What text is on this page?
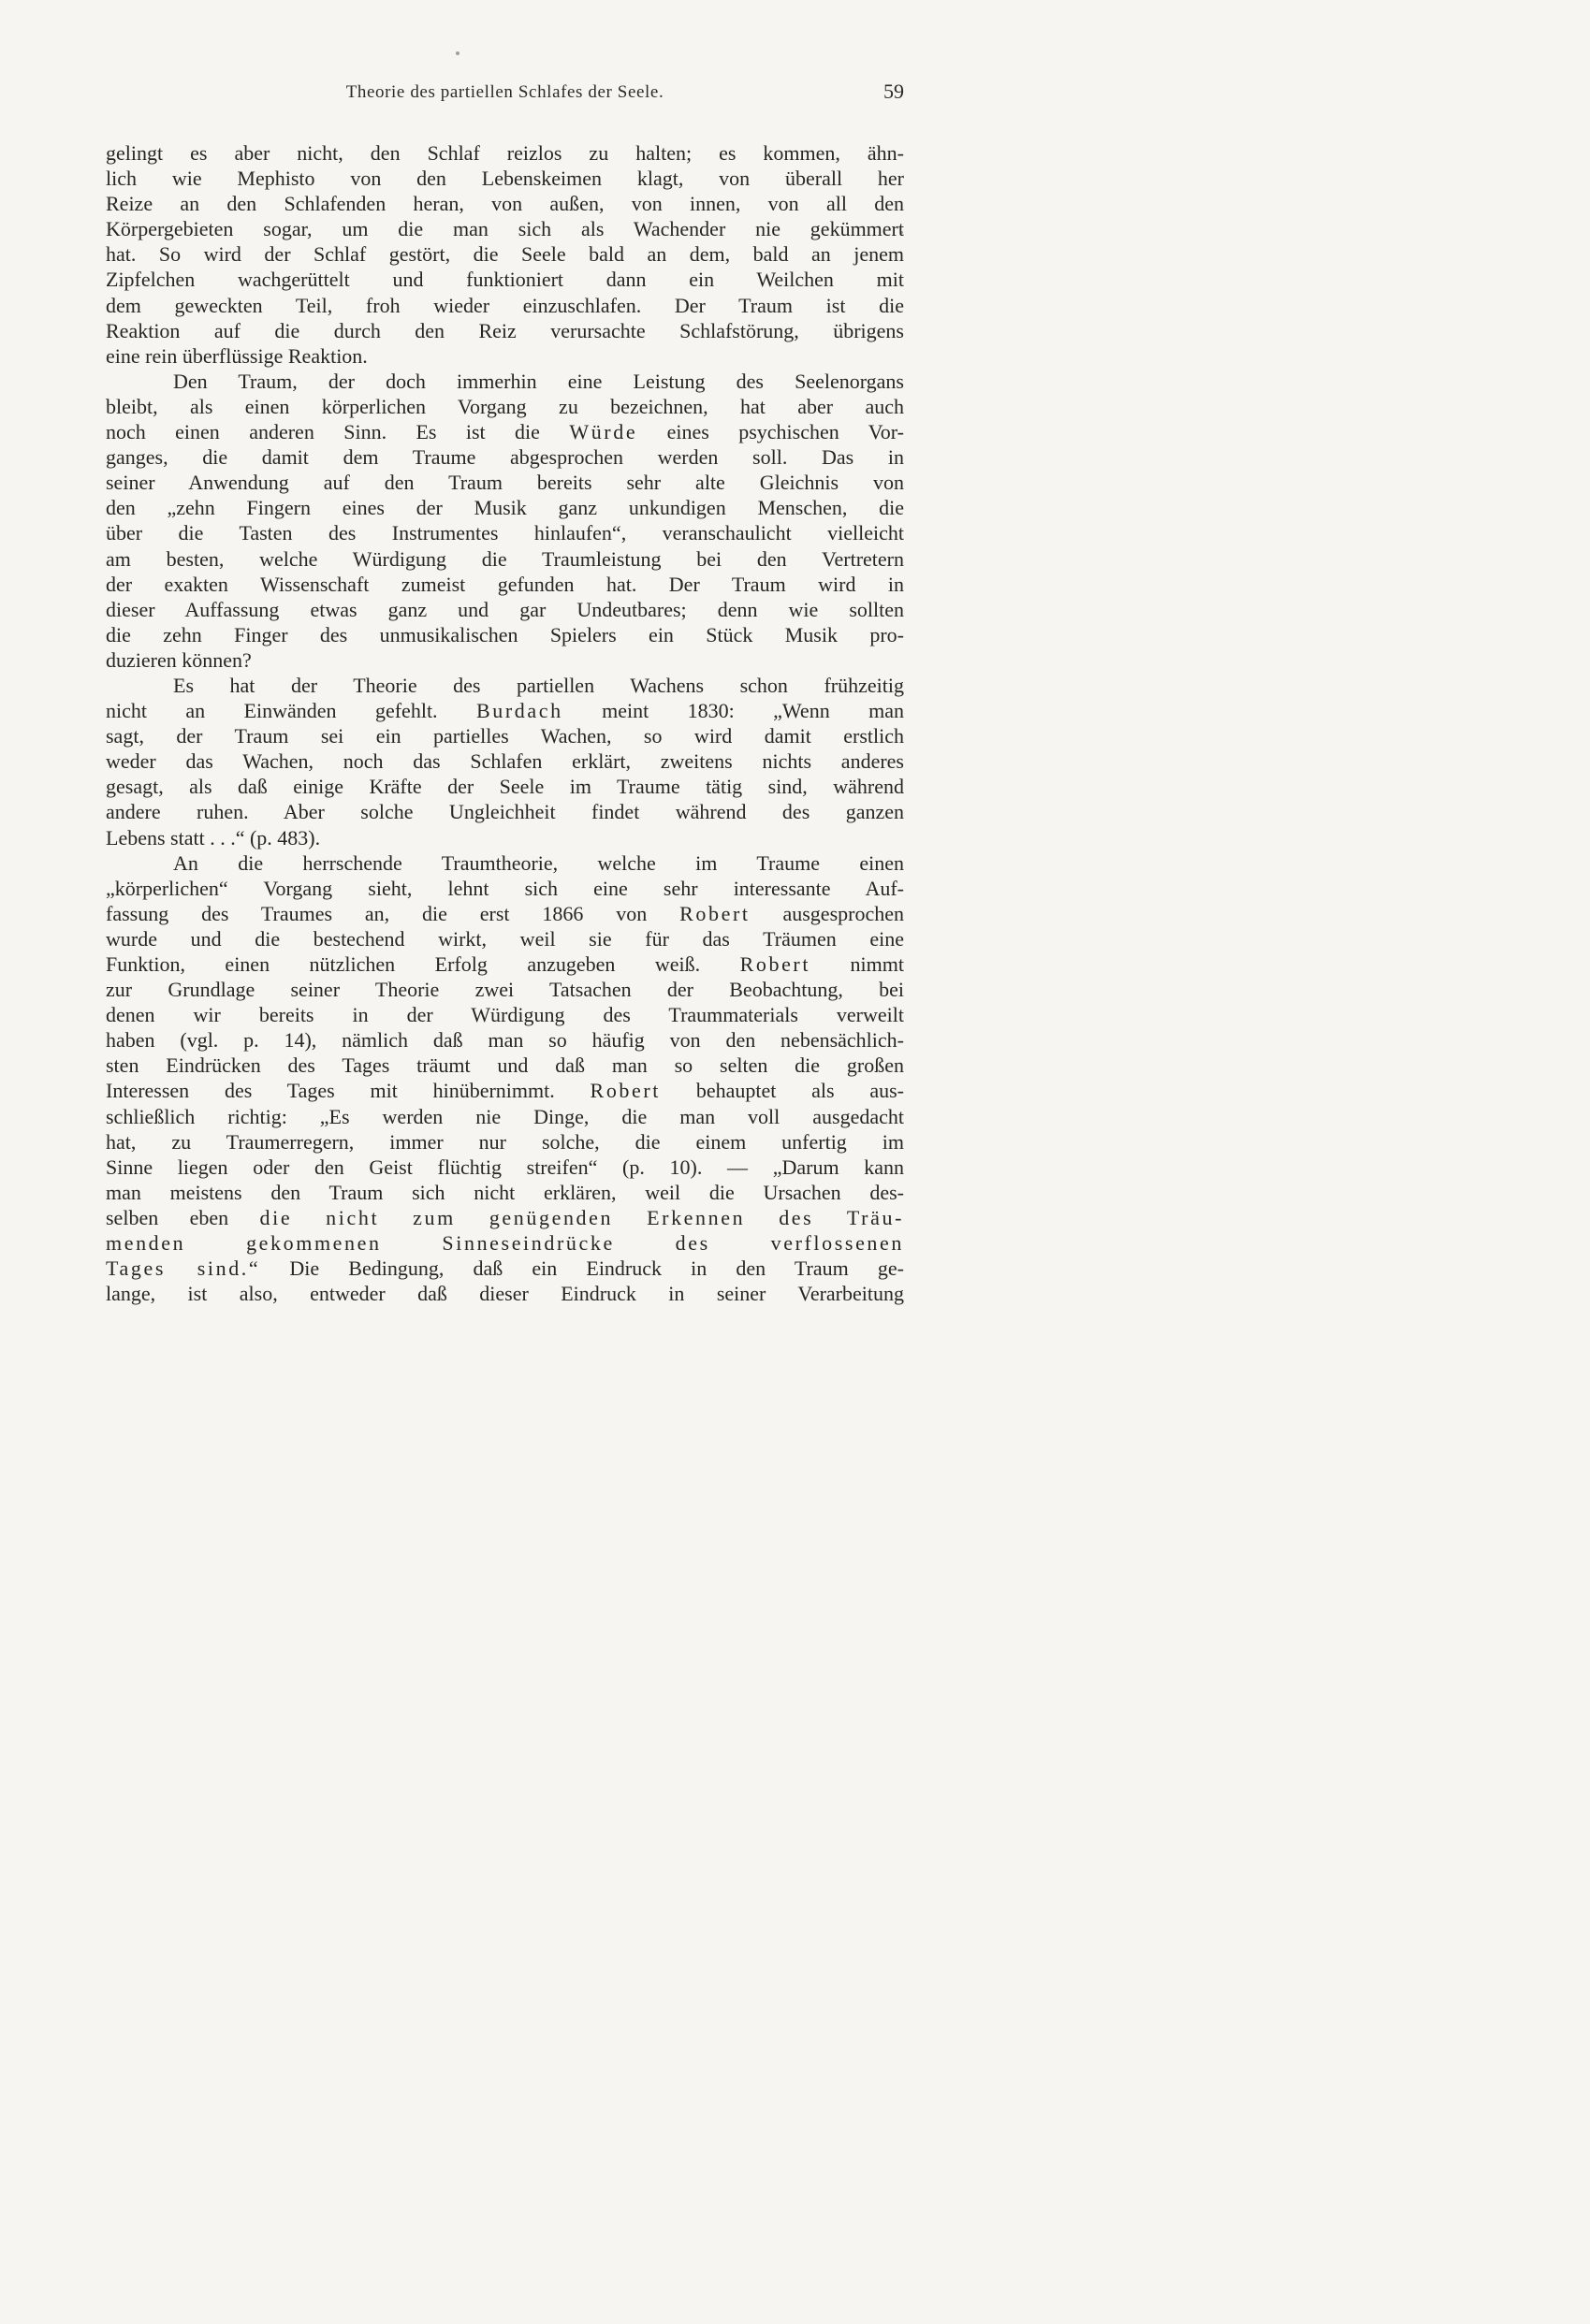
Theorie des partiellen Schlafes der Seele.	59
gelingt es aber nicht, den Schlaf reizlos zu halten; es kommen, ähn-
lich wie Mephisto von den Lebenskeimen klagt, von überall her
Reize an den Schlafenden heran, von außen, von innen, von all den
Körpergebieten sogar, um die man sich als Wachender nie gekümmert
hat. So wird der Schlaf gestört, die Seele bald an dem, bald an jenem
Zipfelchen wachgerüttelt und funktioniert dann ein Weilchen mit
dem geweckten Teil, froh wieder einzuschlafen. Der Traum ist die
Reaktion auf die durch den Reiz verursachte Schlafstörung, übrigens
eine rein überflüssige Reaktion.
Den Traum, der doch immerhin eine Leistung des Seelenorgans
bleibt, als einen körperlichen Vorgang zu bezeichnen, hat aber auch
noch einen anderen Sinn. Es ist die Würde eines psychischen Vor-
ganges, die damit dem Traume abgesprochen werden soll. Das in
seiner Anwendung auf den Traum bereits sehr alte Gleichnis von
den „zehn Fingern eines der Musik ganz unkundigen Menschen, die
über die Tasten des Instrumentes hinlaufen“, veranschaulicht vielleicht
am besten, welche Würdigung die Traumleistung bei den Vertretern
der exakten Wissenschaft zumeist gefunden hat. Der Traum wird in
dieser Auffassung etwas ganz und gar Undeutbares; denn wie sollten
die zehn Finger des unmusikalischen Spielers ein Stück Musik pro-
duzieren können?
Es hat der Theorie des partiellen Wachens schon frühzeitig
nicht an Einwänden gefehlt. Burdach meint 1830: „Wenn man
sagt, der Traum sei ein partielles Wachen, so wird damit erstlich
weder das Wachen, noch das Schlafen erklärt, zweitens nichts anderes
gesagt, als daß einige Kräfte der Seele im Traume tätig sind, während
andere ruhen. Aber solche Ungleichheit findet während des ganzen
Lebens statt . . .“ (p. 483).
An die herrschende Traumtheorie, welche im Traume einen
„körperlichen“ Vorgang sieht, lehnt sich eine sehr interessante Auf-
fassung des Traumes an, die erst 1866 von Robert ausgesprochen
wurde und die bestechend wirkt, weil sie für das Träumen eine
Funktion, einen nützlichen Erfolg anzugeben weiß. Robert nimmt
zur Grundlage seiner Theorie zwei Tatsachen der Beobachtung, bei
denen wir bereits in der Würdigung des Traummaterials verweilt
haben (vgl. p. 14), nämlich daß man so häufig von den nebensächlich-
sten Eindrücken des Tages träumt und daß man so selten die großen
Interessen des Tages mit hinübernimmt. Robert behauptet als aus-
schließlich richtig: „Es werden nie Dinge, die man voll ausgedacht
hat, zu Traumerregern, immer nur solche, die einem unfertig im
Sinne liegen oder den Geist flüchtig streifen“ (p. 10). — „Darum kann
man meistens den Traum sich nicht erklären, weil die Ursachen des-
selben eben die nicht zum genügenden Erkennen des Träu-
menden gekommenen Sinneseindrücke des verflossenen
Tages sind.“ Die Bedingung, daß ein Eindruck in den Traum ge-
lange, ist also, entweder daß dieser Eindruck in seiner Verarbeitung
